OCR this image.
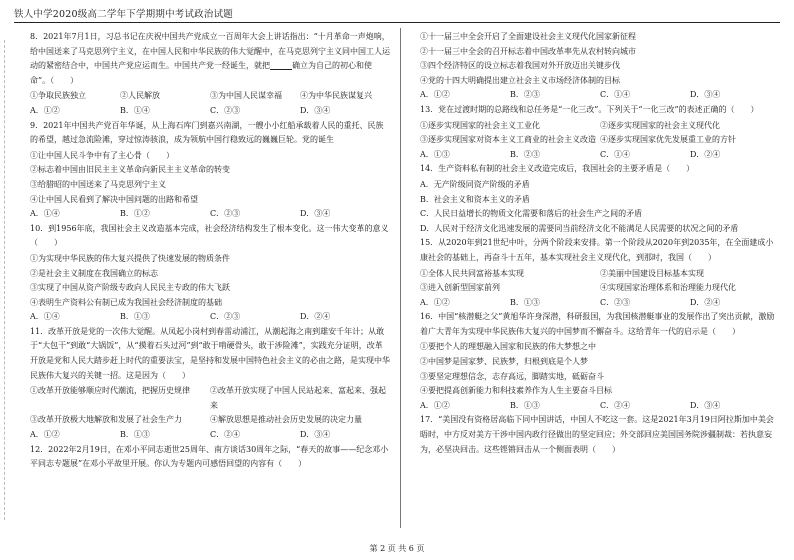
铁人中学2020级高二学年下学期期中考试政治试题

8．2021年7月1日，习总书记在庆祝中国共产党成立一百周年大会上讲话指出：“十月革命一声炮响，给中国送来了马克思列宁主义，在中国人民和中华民族的伟大觉醒中，在马克思列宁主义同中国工人运动的紧密结合中，中国共产党应运而生。中国共产党一经诞生，就把	确立为自己的初心和使命”。（　　）

①争取民族独立	②人民解放	③为中国人民谋幸福	④为中华民族谋复兴
A．①②	B．①④	C．②③	D．③④

9．2021年中国共产党百年华诞，从上海石库门到嘉兴南湖，一艘小小红船承载着人民的重托、民族的希望，越过急流险滩，穿过惊涛骇浪，成为领航中国行稳致远的巍巍巨轮。党的诞生

①让中国人民斗争中有了主心骨（　　）

②标志着中国由旧民主主义革命向新民主主义革命的转变

③给腊昭的中国送来了马克思列宁主义

④让中国人民看到了解决中国问题的出路和希望

A．①④	B．①②	C．②③	D．③④

10．到1956年底，我国社会主义改造基本完成，社会经济结构发生了根本变化。这一伟大变革的意义（　　）

①为实现中华民族的伟大复兴提供了快速发展的物质条件

②是社会主义制度在我国确立的标志

③实现了中国从资产阶级专政向人民民主专政的伟大飞跃

④表明生产资料公有制已成为我国社会经济制度的基础

A．①④	B．①③	C．②③	D．②④

11．改革开放是党的一次伟大觉醒。从凤起小岗村到春雷动浦江，从潮起海之南到雄安千年计；从敢于“大包干”到敢“大锅饭”，从“摸着石头过河”到“敢于啃硬骨头，敢于涉险滩”，实践充分证明，改革开放是党和人民大踏步赶上时代的重要法宝，是坚持和发展中国特色社会主义的必由之路，是实现中华民族伟大复兴的关键一招。这是因为（　　）

①改革开放能够顺应时代潮流，把握历史规律	②改革开放实现了中国人民站起来、富起来、强起来
③改革开放极大地解放和发展了社会生产力	④解放思想是推动社会历史发展的决定力量
A．①②	B．①③	C．②④	D．③④

12．2022年2月19日，在邓小平同志逝世25周年、南方谈话30周年之际，“春天的故事——纪念邓小平同志专题展”在邓小平故里开展。你认为专题内可感悟回望的内容有（　　）

①十一届三中全会开启了全面建设社会主义现代化国家新征程

②十一届三中全会的召开标志着中国改革率先从农村转向城市

③四个经济特区的设立标志着我国对外开放迈出关键步伐

④党的十四大明确提出建立社会主义市场经济体制的目标

A．①②	B．②③	C．①④	D．③④

13．党在过渡时期的总路线和总任务是“一化三改”。下列关于“一化三改”的表述正确的（　　）

①逐步实现国家的社会主义工业化	②逐步实现国家的社会主义现代化
③逐步实现国家对资本主义工商业的社会主义改造 ④逐步实现国家优先发展重工业的方针
A．①③	B．②③	C．①④	D．②④

14．生产资料私有制的社会主义改造完成后，我国社会的主要矛盾是（　　）

A．无产阶级同资产阶级的矛盾

B．社会主义和资本主义的矛盾

C．人民日益增长的物质文化需要和落后的社会生产之间的矛盾

D．人民对于经济文化迅速发展的需要同当前经济文化不能满足人民需要的状况之间的矛盾

15．从2020年到21世纪中叶，分两个阶段来安排。第一个阶段从2020年到2035年，在全面建成小康社会的基础上，再奋斗十五年，基本实现社会主义现代化，到那时，我国（　　）

①全体人民共同富裕基本实现	②美丽中国建设目标基本实现
③进入创新型国家前列	④实现国家治理体系和治理能力现代化
A．①②	B．①③	C．②③	D．②④

16．中国“核潜艇之父”黄旭华许身深潜，科研报国，为我国核潜艇事业的发展作出了突出贡献，激励着广大青年为实现中华民族伟大复兴的中国梦而不懈奋斗。这给青年一代的启示是（　　）

①要把个人的理想融入国家和民族的伟大梦想之中

②中国梦是国家梦、民族梦，归根到底是个人梦

③要坚定理想信念，志存高远，脚踏实地，砥砺奋斗

④要把提高创新能力和科技素养作为人生主要奋斗目标

A．①②	B．①③	C．②④	D．③④

17．“美国没有资格居高临下同中国讲话，中国人不吃这一套。这是2021年3月19日阿拉斯加中美会晤时，中方反对美方干涉中国内政行径做出的坚定回应；外交部回应美国国务院涉疆制裁：若执意妄为，必坚决回击。这些铿锵回击从一个侧面表明（　　）

第 2 页 共 6 页
